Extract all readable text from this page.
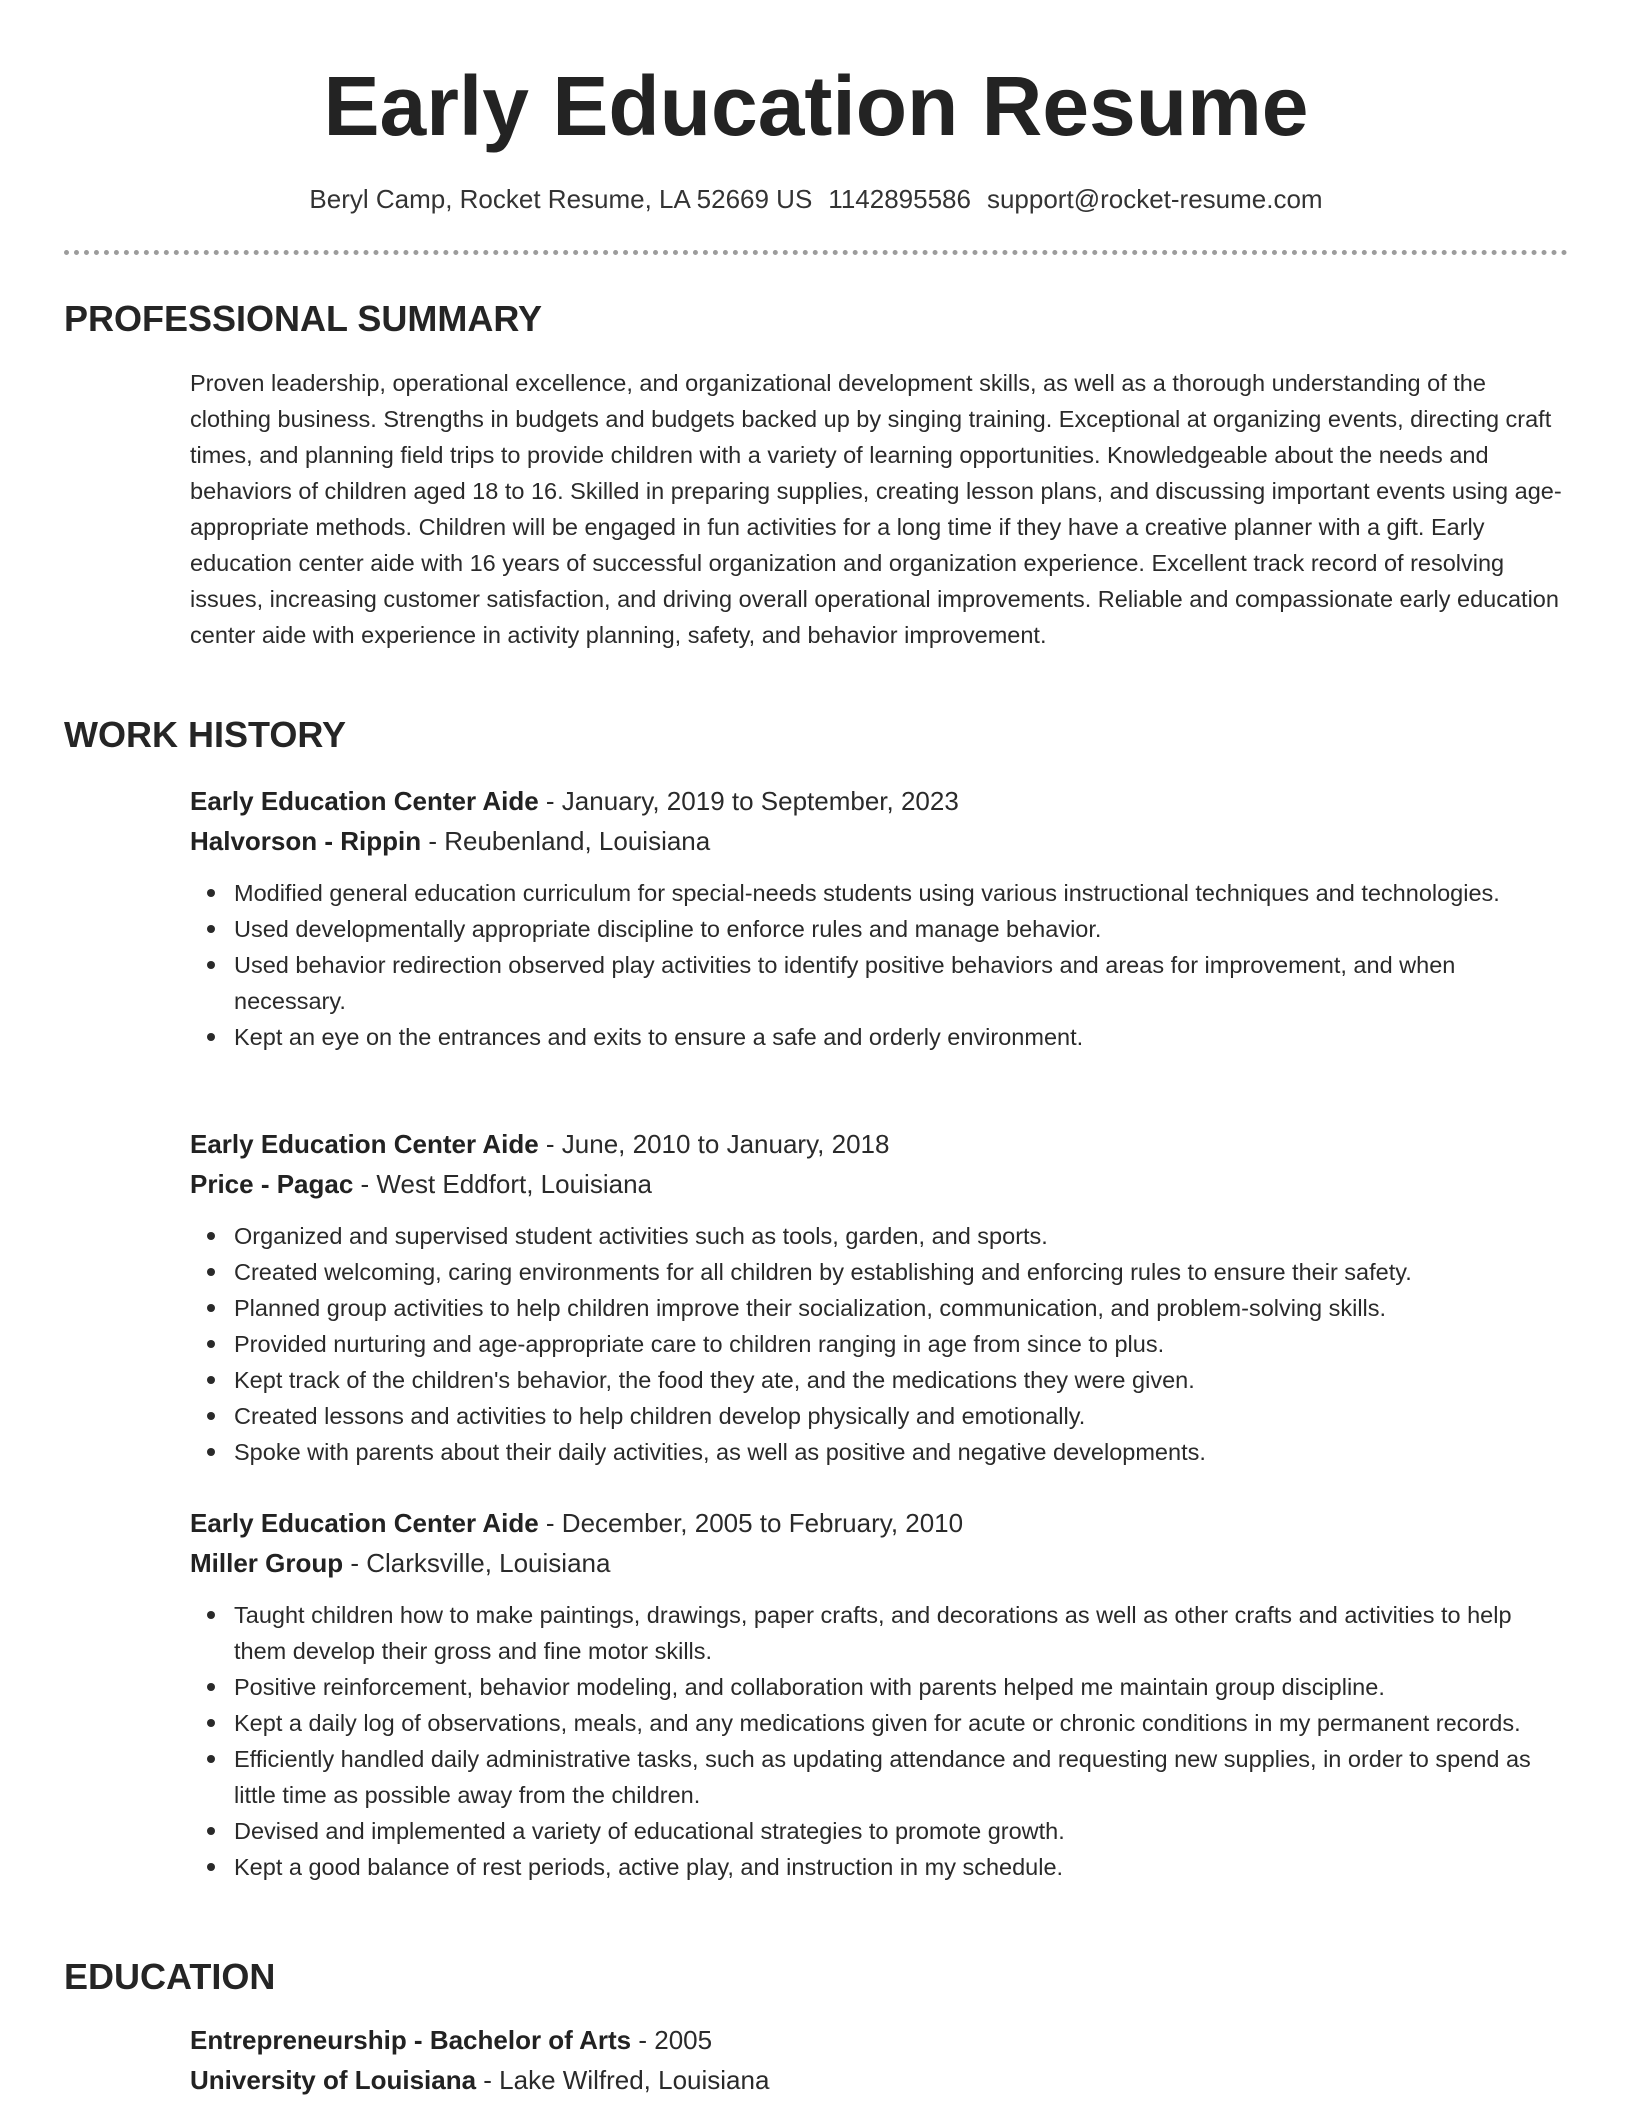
Early Education Resume
Beryl Camp, Rocket Resume, LA 52669 US 1142895586 support@rocket-resume.com
PROFESSIONAL SUMMARY
Proven leadership, operational excellence, and organizational development skills, as well as a thorough understanding of the clothing business. Strengths in budgets and budgets backed up by singing training. Exceptional at organizing events, directing craft times, and planning field trips to provide children with a variety of learning opportunities. Knowledgeable about the needs and behaviors of children aged 18 to 16. Skilled in preparing supplies, creating lesson plans, and discussing important events using age-appropriate methods. Children will be engaged in fun activities for a long time if they have a creative planner with a gift. Early education center aide with 16 years of successful organization and organization experience. Excellent track record of resolving issues, increasing customer satisfaction, and driving overall operational improvements. Reliable and compassionate early education center aide with experience in activity planning, safety, and behavior improvement.
WORK HISTORY
Early Education Center Aide - January, 2019 to September, 2023
Halvorson - Rippin - Reubenland, Louisiana
Modified general education curriculum for special-needs students using various instructional techniques and technologies.
Used developmentally appropriate discipline to enforce rules and manage behavior.
Used behavior redirection observed play activities to identify positive behaviors and areas for improvement, and when necessary.
Kept an eye on the entrances and exits to ensure a safe and orderly environment.
Early Education Center Aide - June, 2010 to January, 2018
Price - Pagac - West Eddfort, Louisiana
Organized and supervised student activities such as tools, garden, and sports.
Created welcoming, caring environments for all children by establishing and enforcing rules to ensure their safety.
Planned group activities to help children improve their socialization, communication, and problem-solving skills.
Provided nurturing and age-appropriate care to children ranging in age from since to plus.
Kept track of the children's behavior, the food they ate, and the medications they were given.
Created lessons and activities to help children develop physically and emotionally.
Spoke with parents about their daily activities, as well as positive and negative developments.
Early Education Center Aide - December, 2005 to February, 2010
Miller Group - Clarksville, Louisiana
Taught children how to make paintings, drawings, paper crafts, and decorations as well as other crafts and activities to help them develop their gross and fine motor skills.
Positive reinforcement, behavior modeling, and collaboration with parents helped me maintain group discipline.
Kept a daily log of observations, meals, and any medications given for acute or chronic conditions in my permanent records.
Efficiently handled daily administrative tasks, such as updating attendance and requesting new supplies, in order to spend as little time as possible away from the children.
Devised and implemented a variety of educational strategies to promote growth.
Kept a good balance of rest periods, active play, and instruction in my schedule.
EDUCATION
Entrepreneurship - Bachelor of Arts - 2005
University of Louisiana - Lake Wilfred, Louisiana
